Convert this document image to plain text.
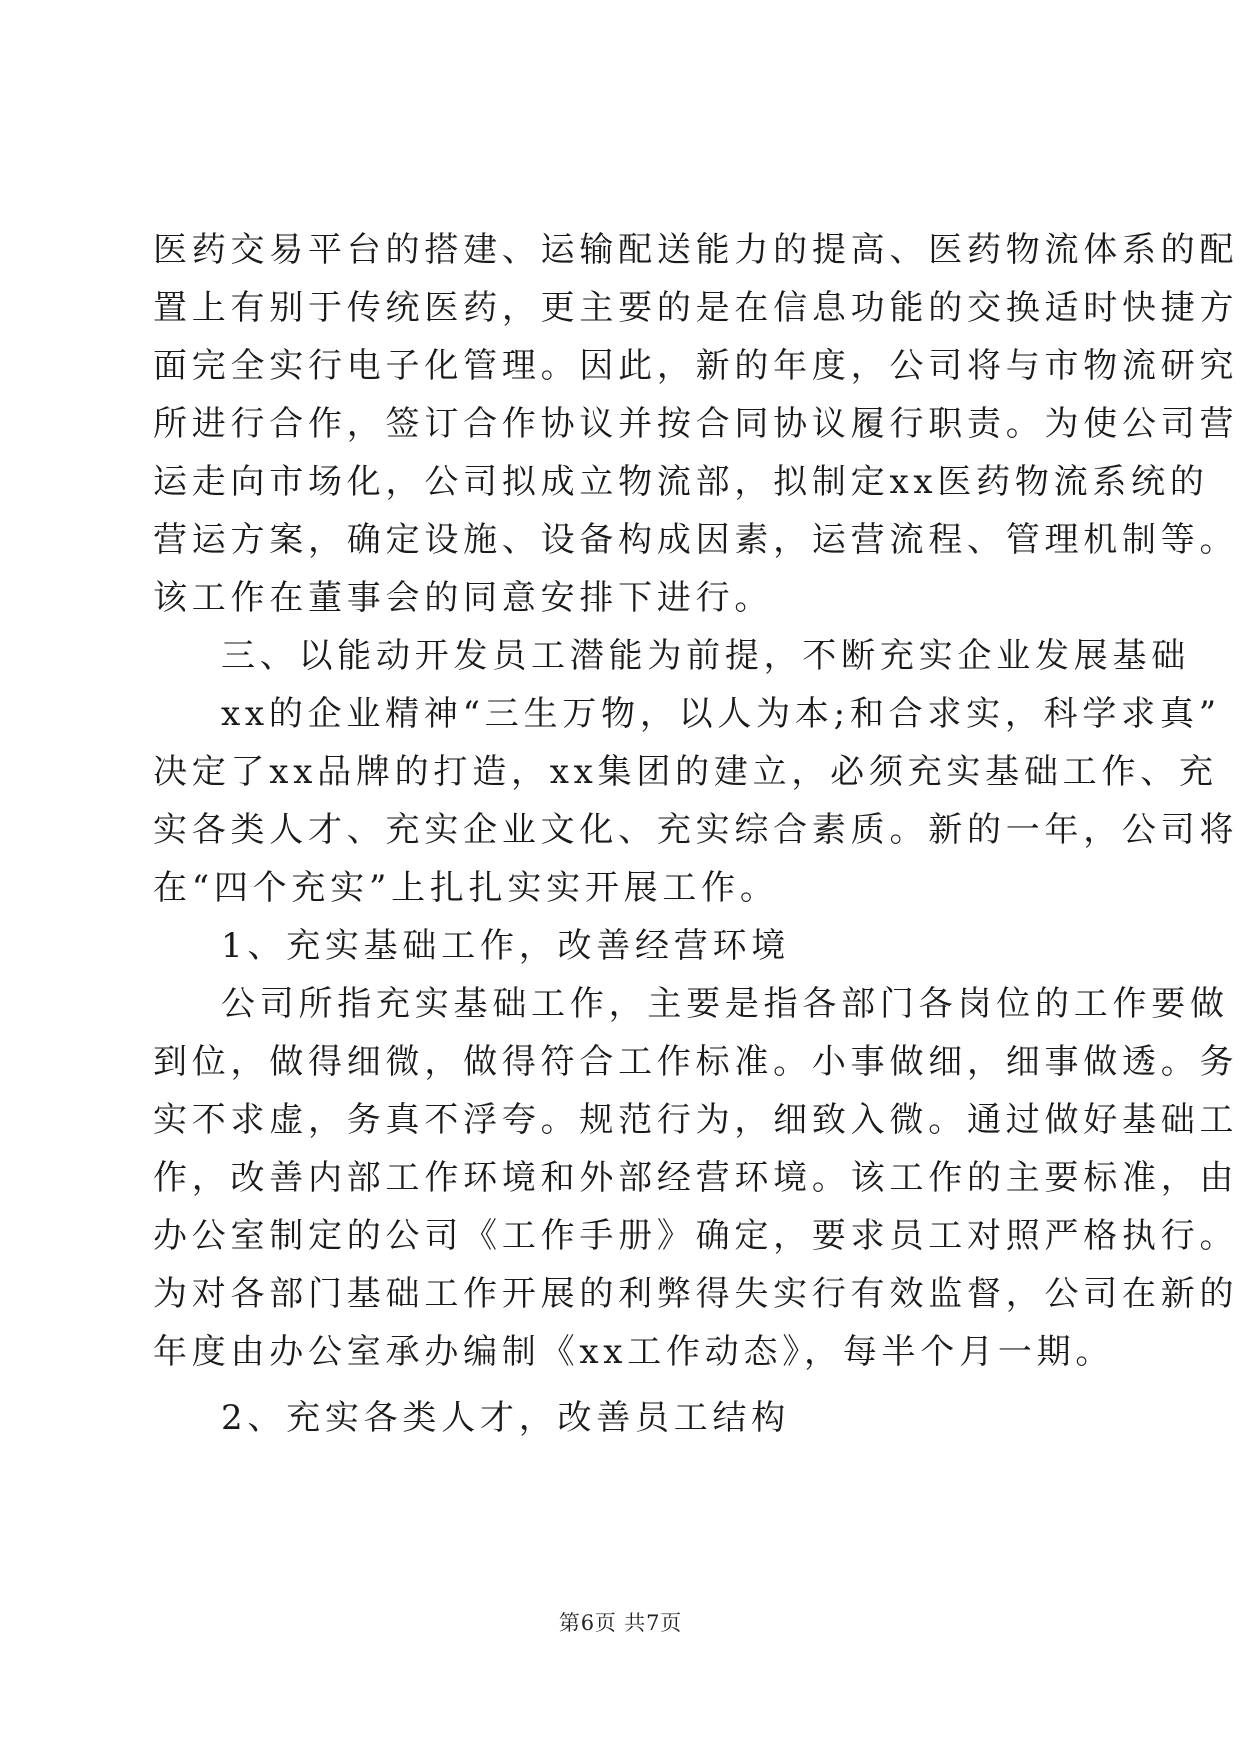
医药交易平台的搭建、运输配送能力的提高、医药物流体系的配
置上有别于传统医药，更主要的是在信息功能的交换适时快捷方
面完全实行电子化管理。因此，新的年度，公司将与市物流研究
所进行合作，签订合作协议并按合同协议履行职责。为使公司营
运走向市场化，公司拟成立物流部，拟制定xx医药物流系统的
营运方案，确定设施、设备构成因素，运营流程、管理机制等。
该工作在董事会的同意安排下进行。
三、以能动开发员工潜能为前提，不断充实企业发展基础
xx的企业精神“三生万物，以人为本;和合求实，科学求真”
决定了xx品牌的打造，xx集团的建立，必须充实基础工作、充
实各类人才、充实企业文化、充实综合素质。新的一年，公司将
在“四个充实”上扎扎实实开展工作。
1、充实基础工作，改善经营环境
公司所指充实基础工作，主要是指各部门各岗位的工作要做
到位，做得细微，做得符合工作标准。小事做细，细事做透。务
实不求虚，务真不浮夸。规范行为，细致入微。通过做好基础工
作，改善内部工作环境和外部经营环境。该工作的主要标准，由
办公室制定的公司《工作手册》确定，要求员工对照严格执行。
为对各部门基础工作开展的利弊得失实行有效监督，公司在新的
年度由办公室承办编制《xx工作动态》，每半个月一期。
2、充实各类人才，改善员工结构
第6页 共7页
